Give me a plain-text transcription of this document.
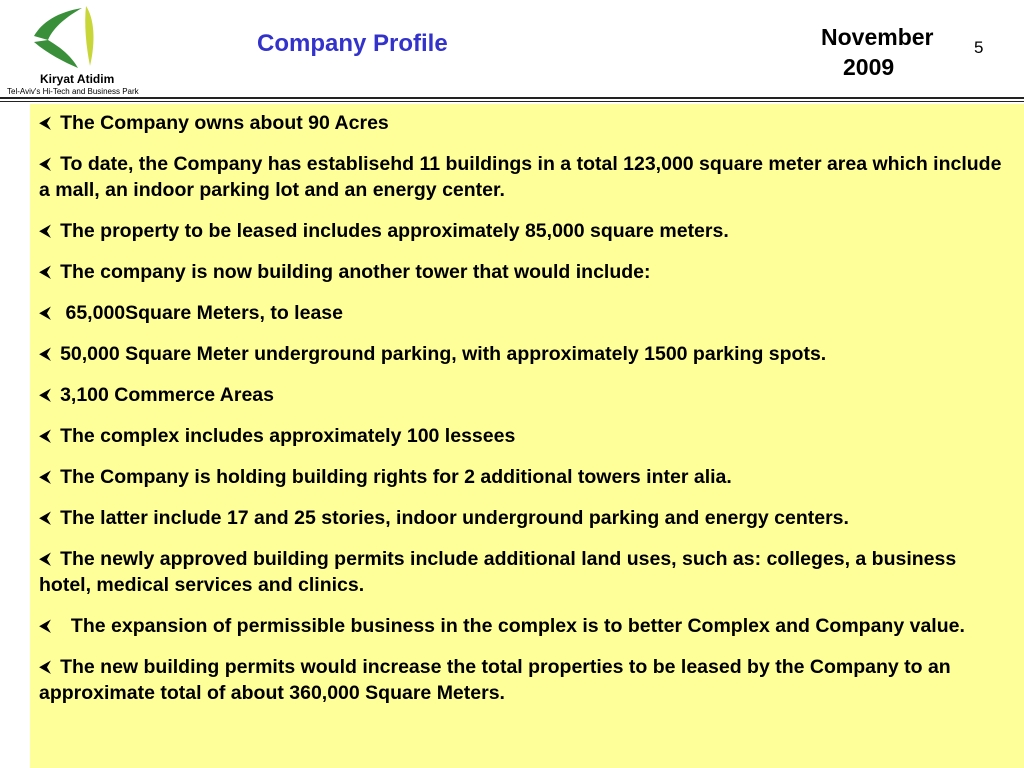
Kiryat Atidim
Tel-Aviv's Hi-Tech and Business Park
Company Profile	November
2009
5
⮜ The Company owns about 90 Acres
⮜ To date, the Company has establisehd 11 buildings in a total 123,000 square meter area which include a mall, an indoor parking lot and an energy center.
⮜ The property to be leased includes approximately 85,000 square meters.
⮜ The company is now building another tower that would include:
⮜ 65,000Square Meters, to lease
⮜ 50,000 Square Meter underground parking, with approximately 1500 parking spots.
⮜ 3,100 Commerce Areas
⮜ The complex includes approximately 100 lessees
⮜ The Company is holding building rights for 2 additional towers inter alia.
⮜ The latter include 17 and 25 stories, indoor underground parking and energy centers.
⮜ The newly approved building permits include additional land uses, such as: colleges, a business hotel, medical services and clinics.
⮜  The expansion of permissible business in the complex is to better Complex and Company value.
⮜ The new building permits would increase the total properties to be leased by the Company to an approximate total of about 360,000 Square Meters.
